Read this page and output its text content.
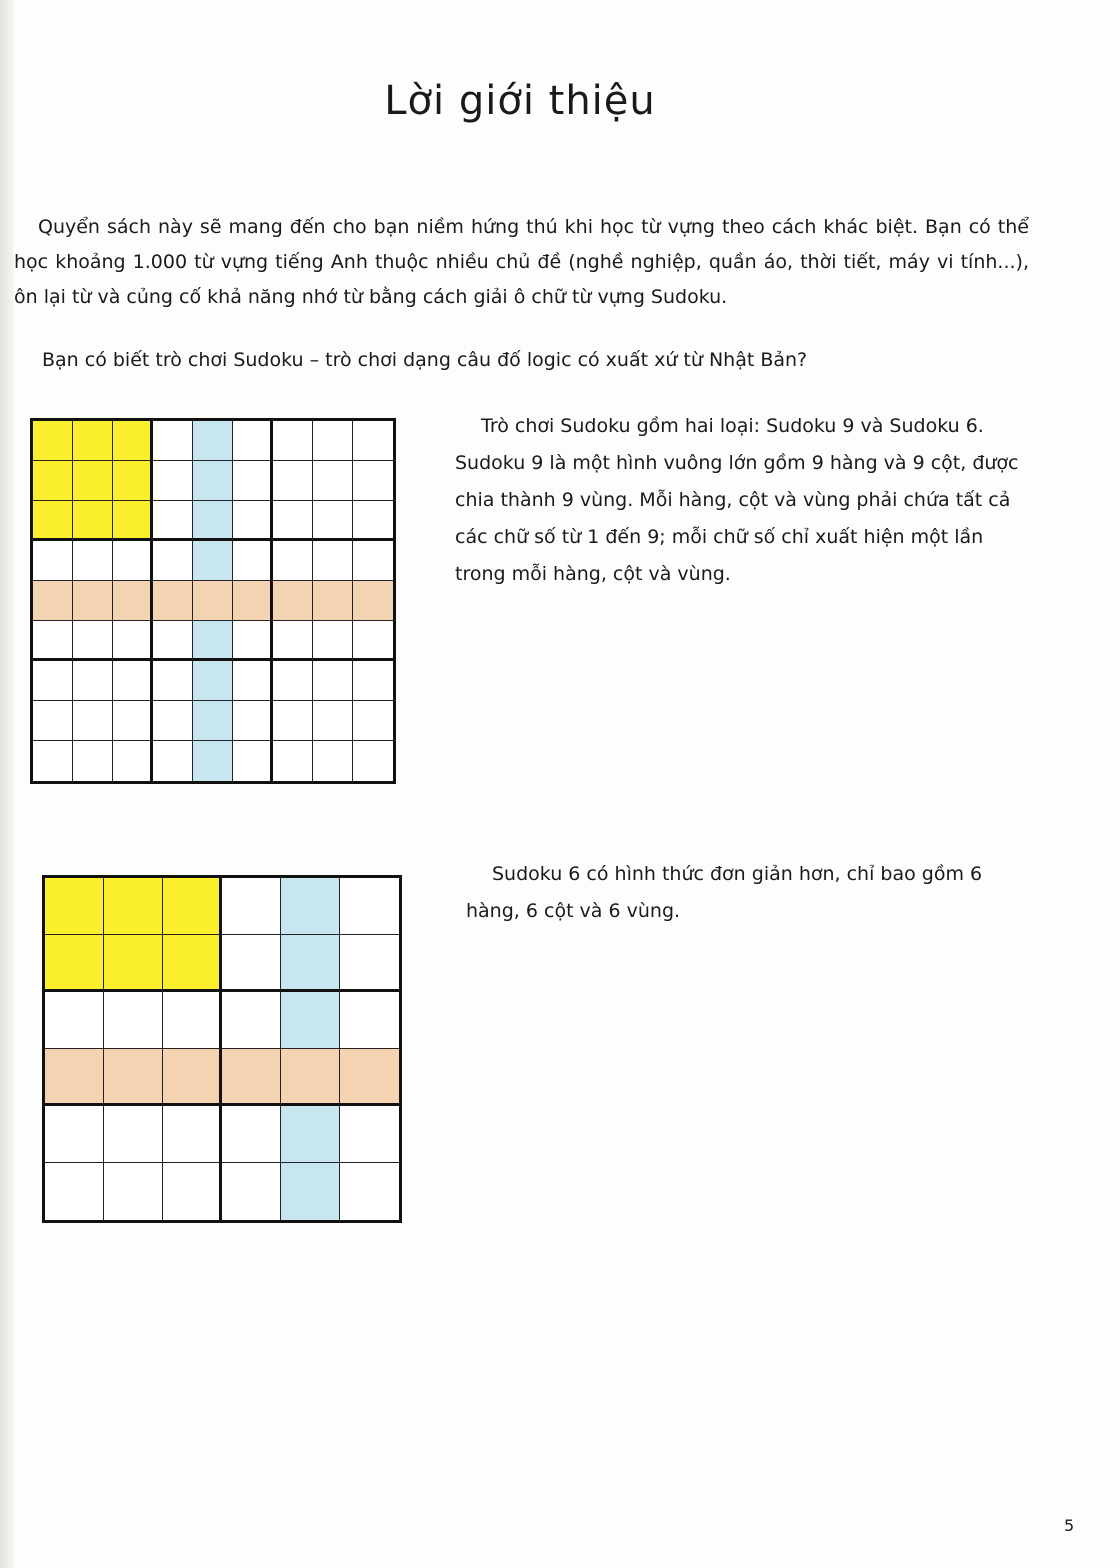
Lời giới thiệu

Quyển sách này sẽ mang đến cho bạn niềm hứng thú khi học từ vựng theo cách khác biệt. Bạn có thể học khoảng 1.000 từ vựng tiếng Anh thuộc nhiều chủ đề (nghề nghiệp, quần áo, thời tiết, máy vi tính...), ôn lại từ và củng cố khả năng nhớ từ bằng cách giải ô chữ từ vựng Sudoku.

Bạn có biết trò chơi Sudoku – trò chơi dạng câu đố logic có xuất xứ từ Nhật Bản?

Trò chơi Sudoku gồm hai loại: Sudoku 9 và Sudoku 6. Sudoku 9 là một hình vuông lớn gồm 9 hàng và 9 cột, được chia thành 9 vùng. Mỗi hàng, cột và vùng phải chứa tất cả các chữ số từ 1 đến 9; mỗi chữ số chỉ xuất hiện một lần trong mỗi hàng, cột và vùng.

Sudoku 6 có hình thức đơn giản hơn, chỉ bao gồm 6 hàng, 6 cột và 6 vùng.

5
